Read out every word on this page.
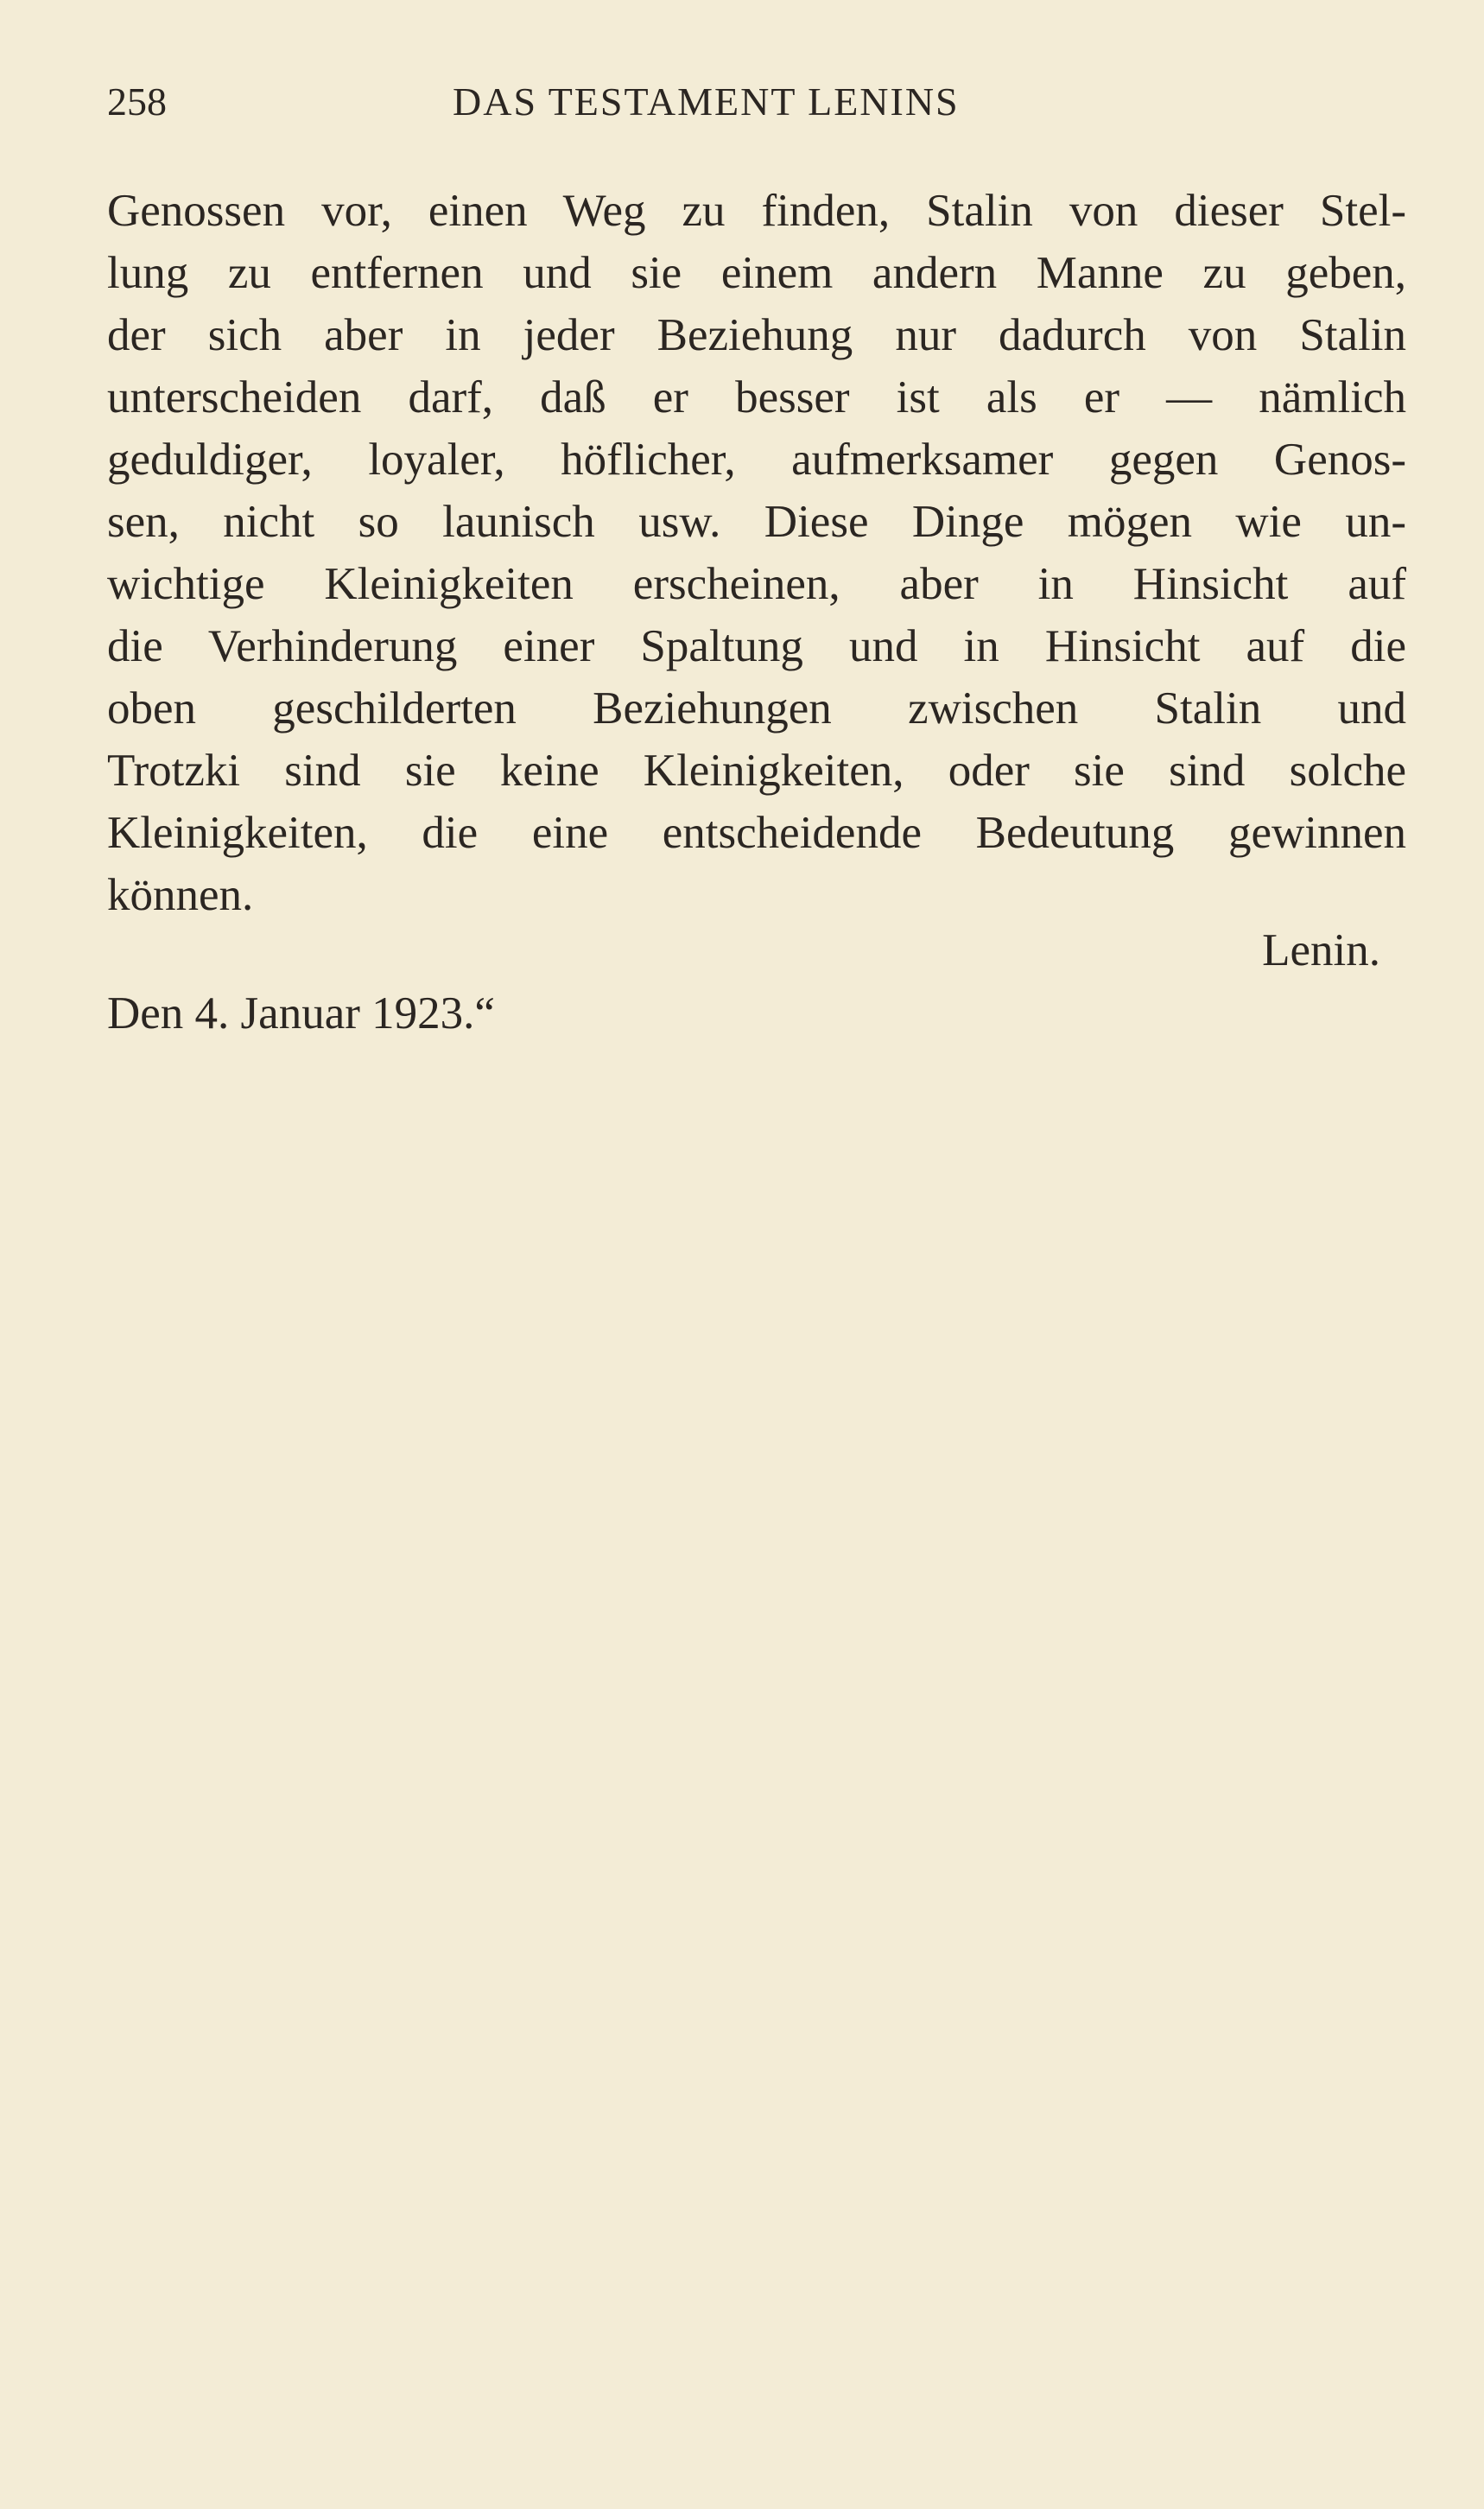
258	DAS TESTAMENT LENINS
Genossen vor, einen Weg zu finden, Stalin von dieser Stel-
lung zu entfernen und sie einem andern Manne zu geben,
der sich aber in jeder Beziehung nur dadurch von Stalin
unterscheiden darf, daß er besser ist als er — nämlich
geduldiger, loyaler, höflicher, aufmerksamer gegen Genos-
sen, nicht so launisch usw. Diese Dinge mögen wie un-
wichtige Kleinigkeiten erscheinen, aber in Hinsicht auf
die Verhinderung einer Spaltung und in Hinsicht auf die
oben geschilderten Beziehungen zwischen Stalin und
Trotzki sind sie keine Kleinigkeiten, oder sie sind solche
Kleinigkeiten, die eine entscheidende Bedeutung gewinnen
können.
Lenin.
Den 4. Januar 1923.“
